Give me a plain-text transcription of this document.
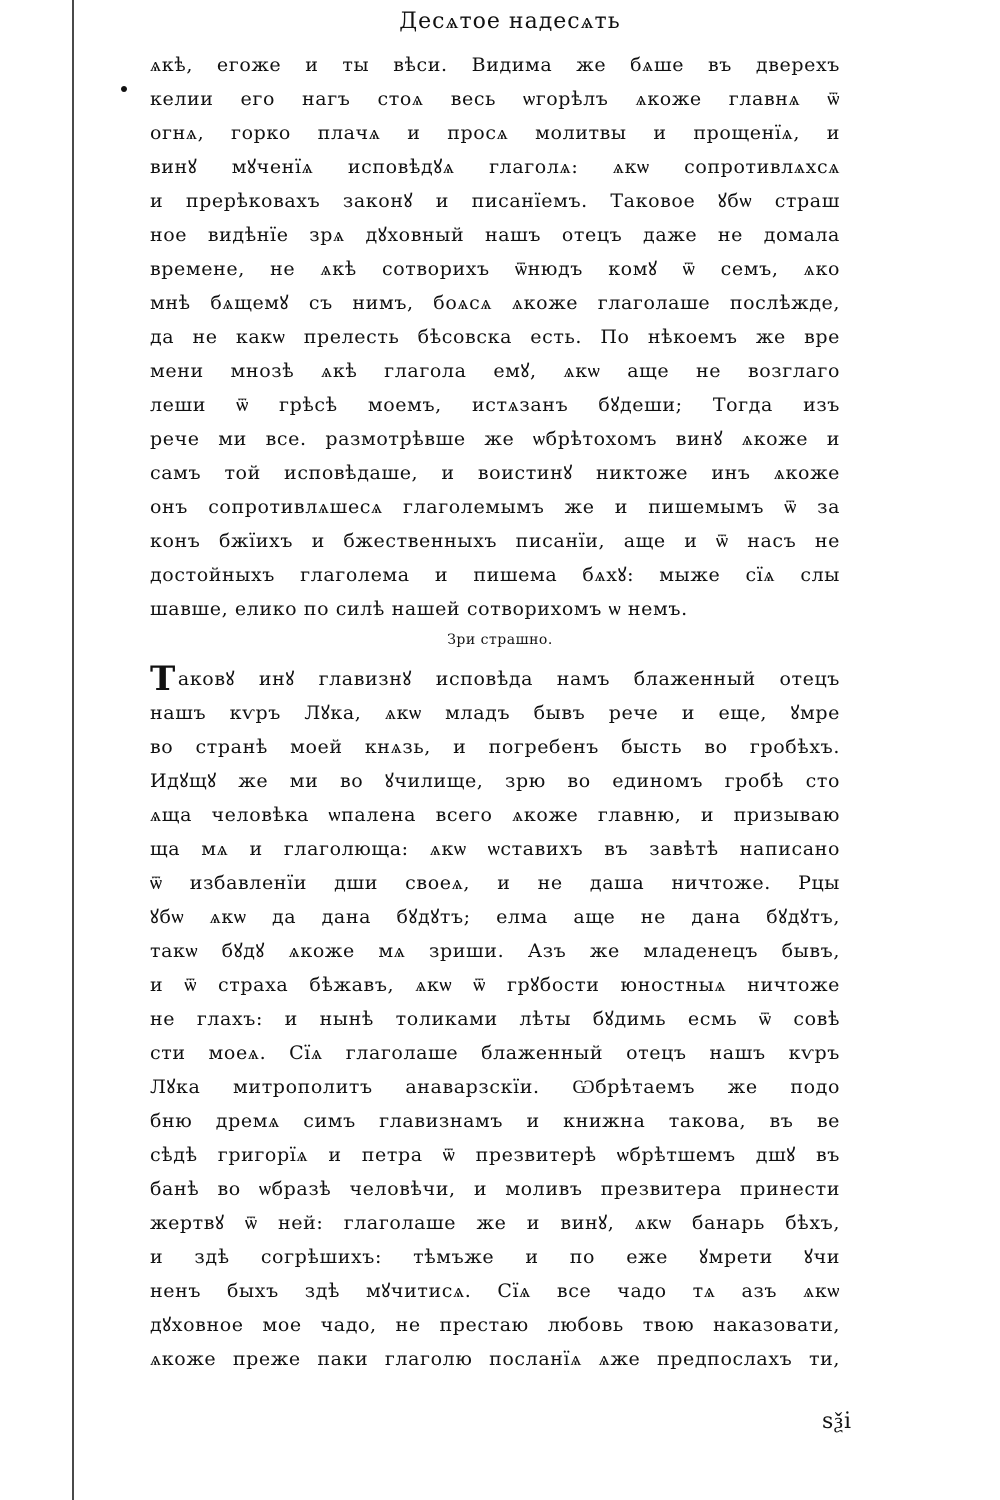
Десѧтое надесѧть
ѧкѣ, егоже и ты вѣси. Видима же бѧше въ дверехъ
келии его нагъ стоѧ весь ѡгорѣлъ ѧкоже главнѧ ѿ
огнѧ, горко плачѧ и просѧ молитвы и прощенїѧ, и
винꙋ мꙋченїѧ исповѣдꙋѧ глаголѧ: ѧкѡ сопротивлѧхсѧ
и прерѣковахъ законꙋ и писанїемъ. Таковое ꙋбѡ страш
ное видѣнїе зрѧ дꙋховный нашъ отецъ даже не домала
времене, не ѧкѣ сотворихъ ѿнюдъ комꙋ ѿ семъ, ѧко
мнѣ бѧщемꙋ съ нимъ, боѧсѧ ѧкоже глаголаше послѣжде,
да не какѡ прелесть бѣсовска есть. По нѣкоемъ же вре
мени мнозѣ ѧкѣ глагола емꙋ, ѧкѡ аще не возглаго
леши ѿ грѣсѣ моемъ, истѧзанъ бꙋдеши; Тогда изъ
рече ми все. размотрѣвше же ѡбрѣтохомъ винꙋ ѧкоже и
самъ той исповѣдаше, и воистинꙋ никтоже инъ ѧкоже
онъ сопротивлѧшесѧ глаголемымъ же и пишемымъ ѿ за
конъ бжїихъ и бжественныхъ писанїи, аще и ѿ насъ не
достойныхъ глаголема и пишема бѧхꙋ: мыже сїѧ слы
шавше, елико по силѣ нашей сотворихомъ ѡ немъ.
Зри страшно.
Таковꙋ инꙋ главизнꙋ исповѣда намъ блаженный отецъ
нашъ кѵръ Лꙋка, ѧкѡ младъ бывъ рече и еще, ꙋмре
во странѣ моей кнѧзь, и погребенъ бысть во гробѣхъ.
Идꙋщꙋ же ми во ꙋчилище, зрю во единомъ гробѣ сто
ѧща человѣка ѡпалена всего ѧкоже главню, и призываю
ща мѧ и глаголюща: ѧкѡ ѡставихъ въ завѣтѣ написано
ѿ избавленїи дши своеѧ, и не даша ничтоже. Рцы
ꙋбѡ ѧкѡ да дана бꙋдꙋтъ; елма аще не дана бꙋдꙋтъ,
такѡ бꙋдꙋ ѧкоже мѧ зриши. Азъ же младенецъ бывъ,
и ѿ страха бѣжавъ, ѧкѡ ѿ грꙋбости юностныѧ ничтоже
не глахъ: и нынѣ толиками лѣты бꙋдимь есмь ѿ совѣ
сти моеѧ. Сїѧ глаголаше блаженный отецъ нашъ кѵръ
Лꙋка митрополитъ анаварзскїи. Ѡбрѣтаемъ же подо
бню дремѧ симъ главизнамъ и книжна такова, въ ве
сѣдѣ григорїѧ и петра ѿ презвитерѣ ѡбрѣтшемъ дшꙋ въ
банѣ во ѡбразѣ человѣчи, и моливъ презвитера принести
жертвꙋ ѿ ней: глаголаше же и винꙋ, ѧкѡ банарь бѣхъ,
и здѣ согрѣшихъ: тѣмъже и по еже ꙋмрети ꙋчи
ненъ быхъ здѣ мꙋчитисѧ. Сїѧ все чадо тѧ азъ ѧкѡ
дꙋховное мое чадо, не престаю любовь твою наказовати,
ѧкоже преже паки глаголю посланїѧ ѧже предпослахъ ти,
ѕѯі
